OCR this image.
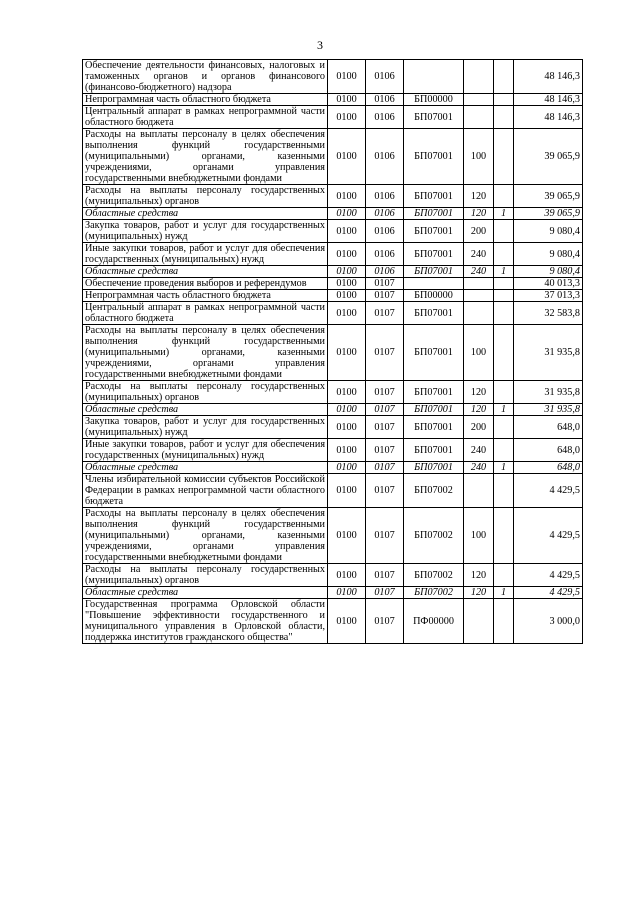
3
Обеспечение деятельности финансовых, налоговых и таможенных органов и органов финансового (финансово-бюджетного) надзора	0100	0106				48 146,3
Непрограммная часть областного бюджета	0100	0106	БП00000			48 146,3
Центральный аппарат в рамках непрограммной части областного бюджета	0100	0106	БП07001			48 146,3
Расходы на выплаты персоналу в целях обеспечения выполнения функций государственными (муниципальными) органами, казенными учреждениями, органами управления государственными внебюджетными фондами	0100	0106	БП07001	100		39 065,9
Расходы на выплаты персоналу государственных (муниципальных) органов	0100	0106	БП07001	120		39 065,9
Областные средства	0100	0106	БП07001	120	1	39 065,9
Закупка товаров, работ и услуг для государственных (муниципальных) нужд	0100	0106	БП07001	200		9 080,4
Иные закупки товаров, работ и услуг для обеспечения государственных (муниципальных) нужд	0100	0106	БП07001	240		9 080,4
Областные средства	0100	0106	БП07001	240	1	9 080,4
Обеспечение проведения выборов и референдумов	0100	0107				40 013,3
Непрограммная часть областного бюджета	0100	0107	БП00000			37 013,3
Центральный аппарат в рамках непрограммной части областного бюджета	0100	0107	БП07001			32 583,8
Расходы на выплаты персоналу в целях обеспечения выполнения функций государственными (муниципальными) органами, казенными учреждениями, органами управления государственными внебюджетными фондами	0100	0107	БП07001	100		31 935,8
Расходы на выплаты персоналу государственных (муниципальных) органов	0100	0107	БП07001	120		31 935,8
Областные средства	0100	0107	БП07001	120	1	31 935,8
Закупка товаров, работ и услуг для государственных (муниципальных) нужд	0100	0107	БП07001	200		648,0
Иные закупки товаров, работ и услуг для обеспечения государственных (муниципальных) нужд	0100	0107	БП07001	240		648,0
Областные средства	0100	0107	БП07001	240	1	648,0
Члены избирательной комиссии субъектов Российской Федерации в рамках непрограммной части областного бюджета	0100	0107	БП07002			4 429,5
Расходы на выплаты персоналу в целях обеспечения выполнения функций государственными (муниципальными) органами, казенными учреждениями, органами управления государственными внебюджетными фондами	0100	0107	БП07002	100		4 429,5
Расходы на выплаты персоналу государственных (муниципальных) органов	0100	0107	БП07002	120		4 429,5
Областные средства	0100	0107	БП07002	120	1	4 429,5
Государственная программа Орловской области "Повышение эффективности государственного и муниципального управления в Орловской области, поддержка институтов гражданского общества"	0100	0107	ПФ00000			3 000,0
